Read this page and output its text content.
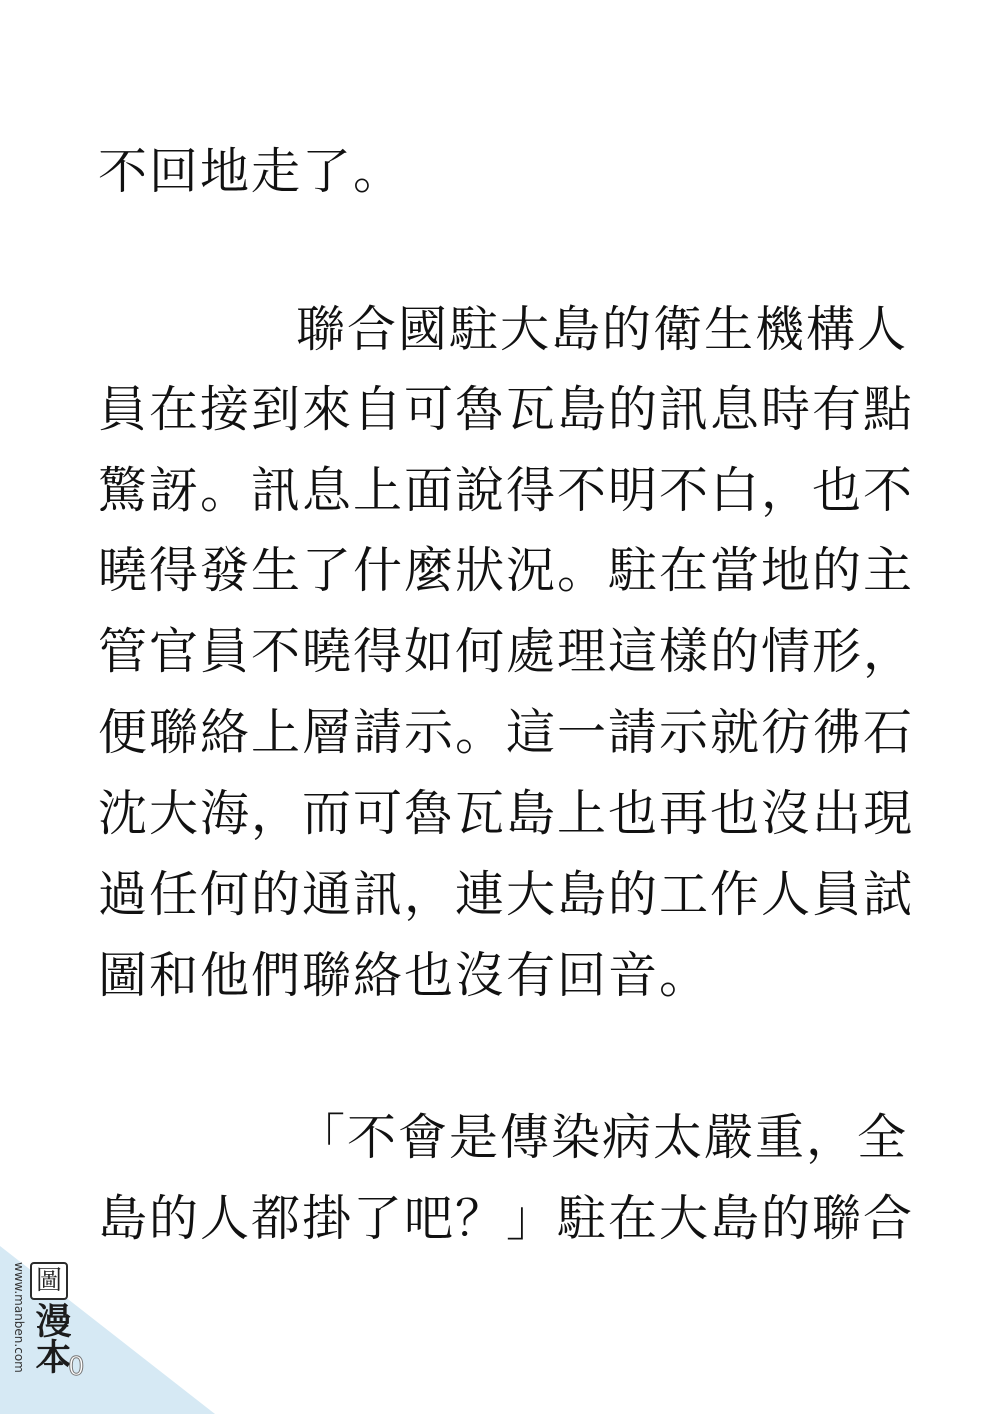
不回地走了。
聯合國駐大島的衛生機構人
員在接到來自可魯瓦島的訊息時有點
驚訝。訊息上面說得不明不白，也不
曉得發生了什麼狀況。駐在當地的主
管官員不曉得如何處理這樣的情形，
便聯絡上層請示。這一請示就彷彿石
沈大海，而可魯瓦島上也再也沒出現
過任何的通訊，連大島的工作人員試
圖和他們聯絡也沒有回音。
「不會是傳染病太嚴重，全
島的人都掛了吧？」駐在大島的聯合
圖
www.manben.com 漫本
0
